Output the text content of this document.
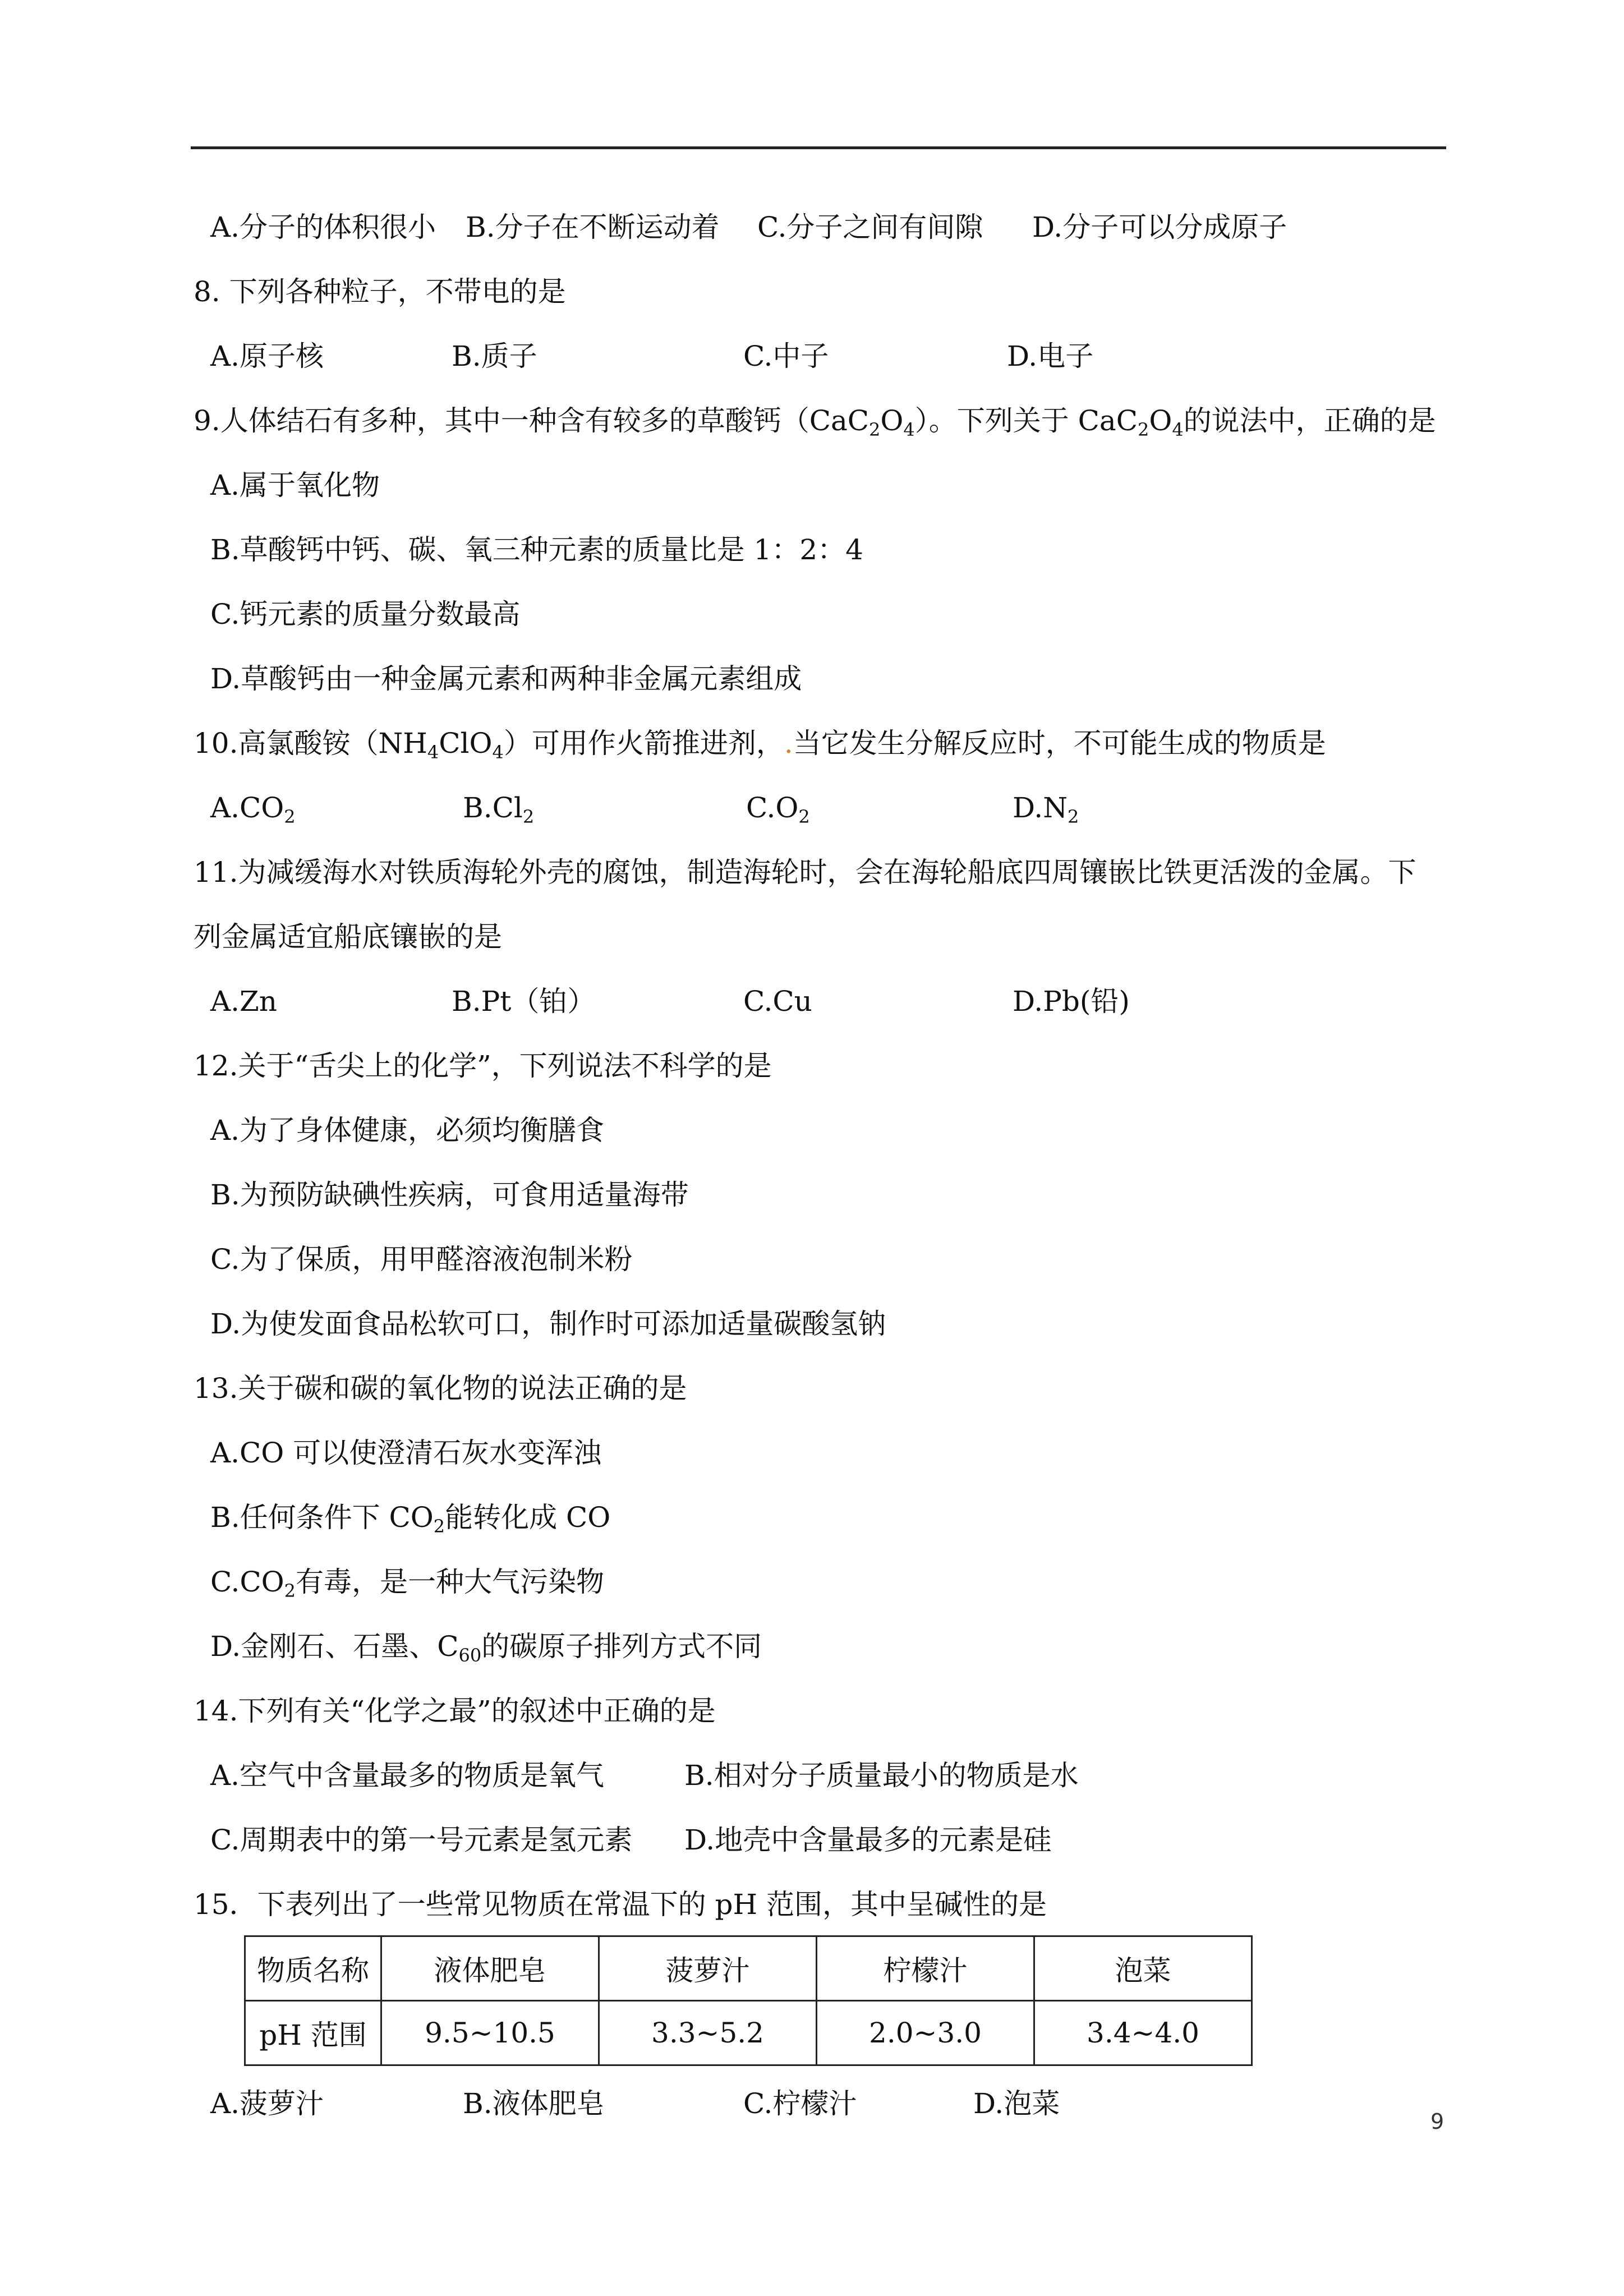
A.分子的体积很小 B.分子在不断运动着 C.分子之间有间隙 D.分子可以分成原子
8. 下列各种粒子，不带电的是
A.原子核	B.质子	C.中子	D.电子
9.人体结石有多种，其中一种含有较多的草酸钙$(CaC_2O_4)$。下列关于 $CaC_2O_4$的说法中，正确的是
A.属于氧化物
B.草酸钙中钙、碳、氧三种元素的质量比是 1：2：4
C.钙元素的质量分数最高
D.草酸钙由一种金属元素和两种非金属元素组成
10.高氯酸铵$(NH_4ClO_4)$可用作火箭推进剂，.当它发生分解反应时，不可能生成的物质是
$A.CO_2$	$B.Cl_2$	$C.O_2$	$D.N_2$
11.为减缓海水对铁质海轮外壳的腐蚀，制造海轮时，会在海轮船底四周镶嵌比铁更活泼的金属。下
列金属适宜船底镶嵌的是
A.Zn	B.Pt（铂）	C.Cu	D.Pb(铅)
12.关于“舌尖上的化学”，下列说法不科学的是
A.为了身体健康，必须均衡膳食
B.为预防缺碘性疾病，可食用适量海带
C.为了保质，用甲醛溶液泡制米粉
D.为使发面食品松软可口，制作时可添加适量碳酸氢钠
13.关于碳和碳的氧化物的说法正确的是
A.CO 可以使澄清石灰水变浑浊
B.任何条件下 $CO_2$能转化成 CO
$C.CO_2$有毒，是一种大气污染物
D.金刚石、石墨、$C_{60}$的碳原子排列方式不同
14.下列有关“化学之最”的叙述中正确的是
A.空气中含量最多的物质是氧气	B.相对分子质量最小的物质是水
C.周期表中的第一号元素是氢元素 D.地壳中含量最多的元素是硅
15．下表列出了一些常见物质在常温下的 pH 范围，其中呈碱性的是
物质名称	液体肥皂	菠萝汁	柠檬汁	泡菜
pH 范围	9.5~10.5	3.3~5.2	2.0~3.0	3.4~4.0
A.菠萝汁	B.液体肥皂	C.柠檬汁	D.泡菜
9
